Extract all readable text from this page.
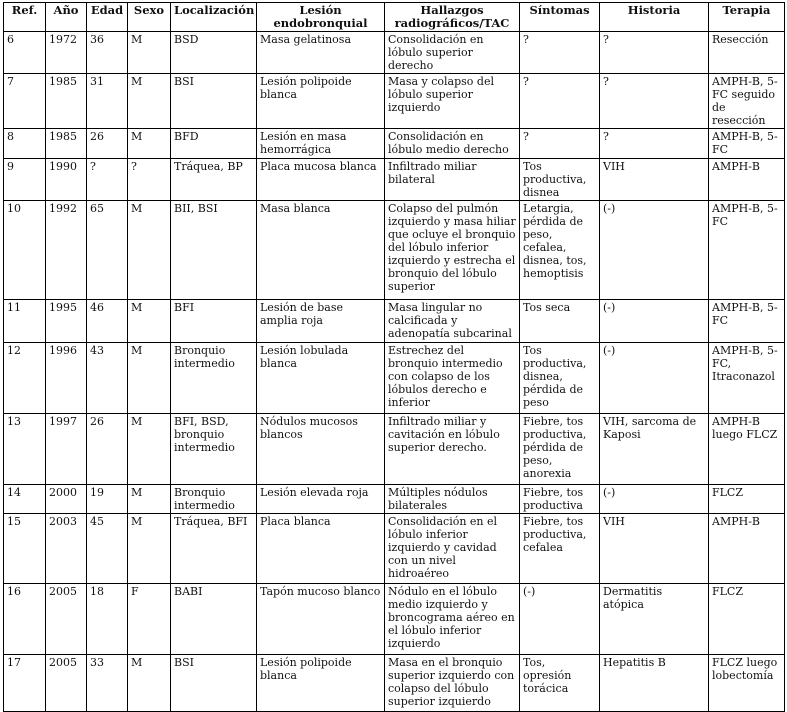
Ref.	Año	Edad	Sexo	Localización	Lesión endobronquial	Hallazgos radiográficos/TAC	Síntomas	Historia	Terapia
6	1972	36	M	BSD	Masa gelatinosa	Consolidación en lóbulo superior derecho	?	?	Resección
7	1985	31	M	BSI	Lesión polipoide blanca	Masa y colapso del lóbulo superior izquierdo	?	?	AMPH-B, 5-FC seguido de resección
8	1985	26	M	BFD	Lesión en masa hemorrágica	Consolidación en lóbulo medio derecho	?	?	AMPH-B, 5-FC
9	1990	?	?	Tráquea, BP	Placa mucosa blanca	Infiltrado miliar bilateral	Tos productiva, disnea	VIH	AMPH-B
10	1992	65	M	BII, BSI	Masa blanca	Colapso del pulmón izquierdo y masa hiliar que ocluye el bronquio del lóbulo inferior izquierdo y estrecha el bronquio del lóbulo superior	Letargia, pérdida de peso, cefalea, disnea, tos, hemoptisis	(-)	AMPH-B, 5-FC
11	1995	46	M	BFI	Lesión de base amplia roja	Masa lingular no calcificada y adenopatía subcarinal	Tos seca	(-)	AMPH-B, 5-FC
12	1996	43	M	Bronquio intermedio	Lesión lobulada blanca	Estrechez del bronquio intermedio con colapso de los lóbulos derecho e inferior	Tos productiva, disnea, pérdida de peso	(-)	AMPH-B, 5-FC, Itraconazol
13	1997	26	M	BFI, BSD, bronquio intermedio	Nódulos mucosos blancos	Infiltrado miliar y cavitación en lóbulo superior derecho.	Fiebre, tos productiva, pérdida de peso, anorexia	VIH, sarcoma de Kaposi	AMPH-B luego FLCZ
14	2000	19	M	Bronquio intermedio	Lesión elevada roja	Múltiples nódulos bilaterales	Fiebre, tos productiva	(-)	FLCZ
15	2003	45	M	Tráquea, BFI	Placa blanca	Consolidación en el lóbulo inferior izquierdo y cavidad con un nivel hidroaéreo	Fiebre, tos productiva, cefalea	VIH	AMPH-B
16	2005	18	F	BABI	Tapón mucoso blanco	Nódulo en el lóbulo medio izquierdo y broncograma aéreo en el lóbulo inferior izquierdo	(-)	Dermatitis atópica	FLCZ
17	2005	33	M	BSI	Lesión polipoide blanca	Masa en el bronquio superior izquierdo con colapso del lóbulo superior izquierdo	Tos, opresión torácica	Hepatitis B	FLCZ luego lobectomía
